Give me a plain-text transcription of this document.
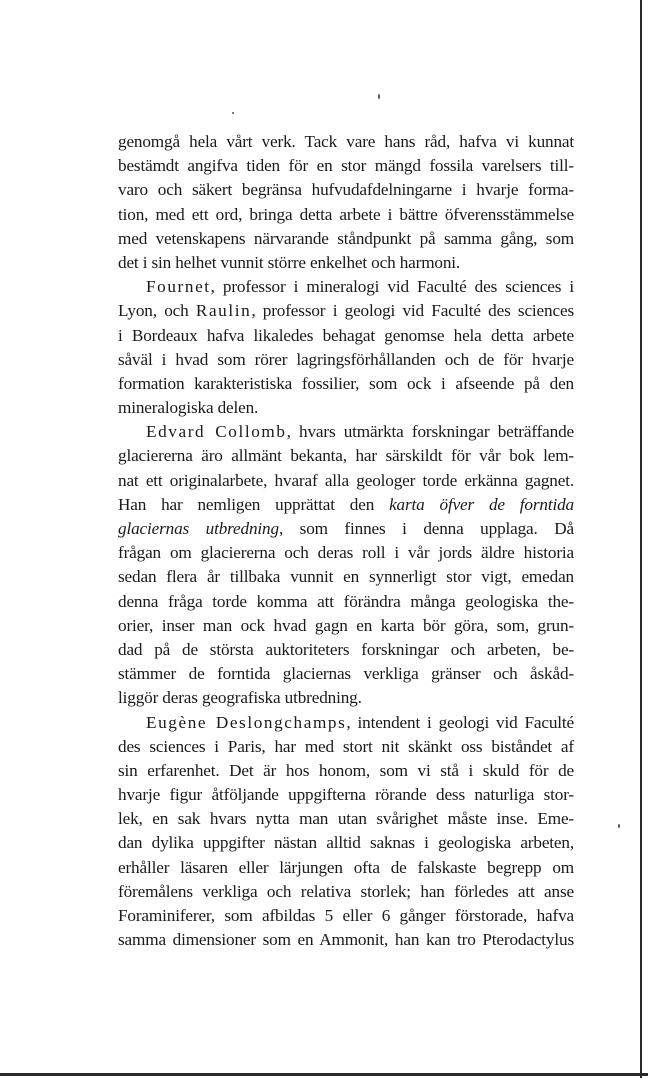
genomgå hela vårt verk. Tack vare hans råd, hafva vi kunnat
bestämdt angifva tiden för en stor mängd fossila varelsers till-
varo och säkert begränsa hufvudafdelningarne i hvarje forma-
tion, med ett ord, bringa detta arbete i bättre öfverensstämmelse
med vetenskapens närvarande ståndpunkt på samma gång, som
det i sin helhet vunnit större enkelhet och harmoni.
Fournet, professor i mineralogi vid Faculté des sciences i
Lyon, och Raulin, professor i geologi vid Faculté des sciences
i Bordeaux hafva likaledes behagat genomse hela detta arbete
såväl i hvad som rörer lagringsförhållanden och de för hvarje
formation karakteristiska fossilier, som ock i afseende på den
mineralogiska delen.
Edvard Collomb, hvars utmärkta forskningar beträffande
glaciererna äro allmänt bekanta, har särskildt för vår bok lem-
nat ett originalarbete, hvaraf alla geologer torde erkänna gagnet.
Han har nemligen upprättat den karta öfver de forntida
glaciernas utbredning, som finnes i denna upplaga. Då
frågan om glaciererna och deras roll i vår jords äldre historia
sedan flera år tillbaka vunnit en synnerligt stor vigt, emedan
denna fråga torde komma att förändra många geologiska the-
orier, inser man ock hvad gagn en karta bör göra, som, grun-
dad på de största auktoriteters forskningar och arbeten, be-
stämmer de forntida glaciernas verkliga gränser och åskåd-
liggör deras geografiska utbredning.
Eugène Deslongchamps, intendent i geologi vid Faculté
des sciences i Paris, har med stort nit skänkt oss biståndet af
sin erfarenhet. Det är hos honom, som vi stå i skuld för de
hvarje figur åtföljande uppgifterna rörande dess naturliga stor-
lek, en sak hvars nytta man utan svårighet måste inse. Eme-
dan dylika uppgifter nästan alltid saknas i geologiska arbeten,
erhåller läsaren eller lärjungen ofta de falskaste begrepp om
föremålens verkliga och relativa storlek; han förledes att anse
Foraminiferer, som afbildas 5 eller 6 gånger förstorade, hafva
samma dimensioner som en Ammonit, han kan tro Pterodactylus
